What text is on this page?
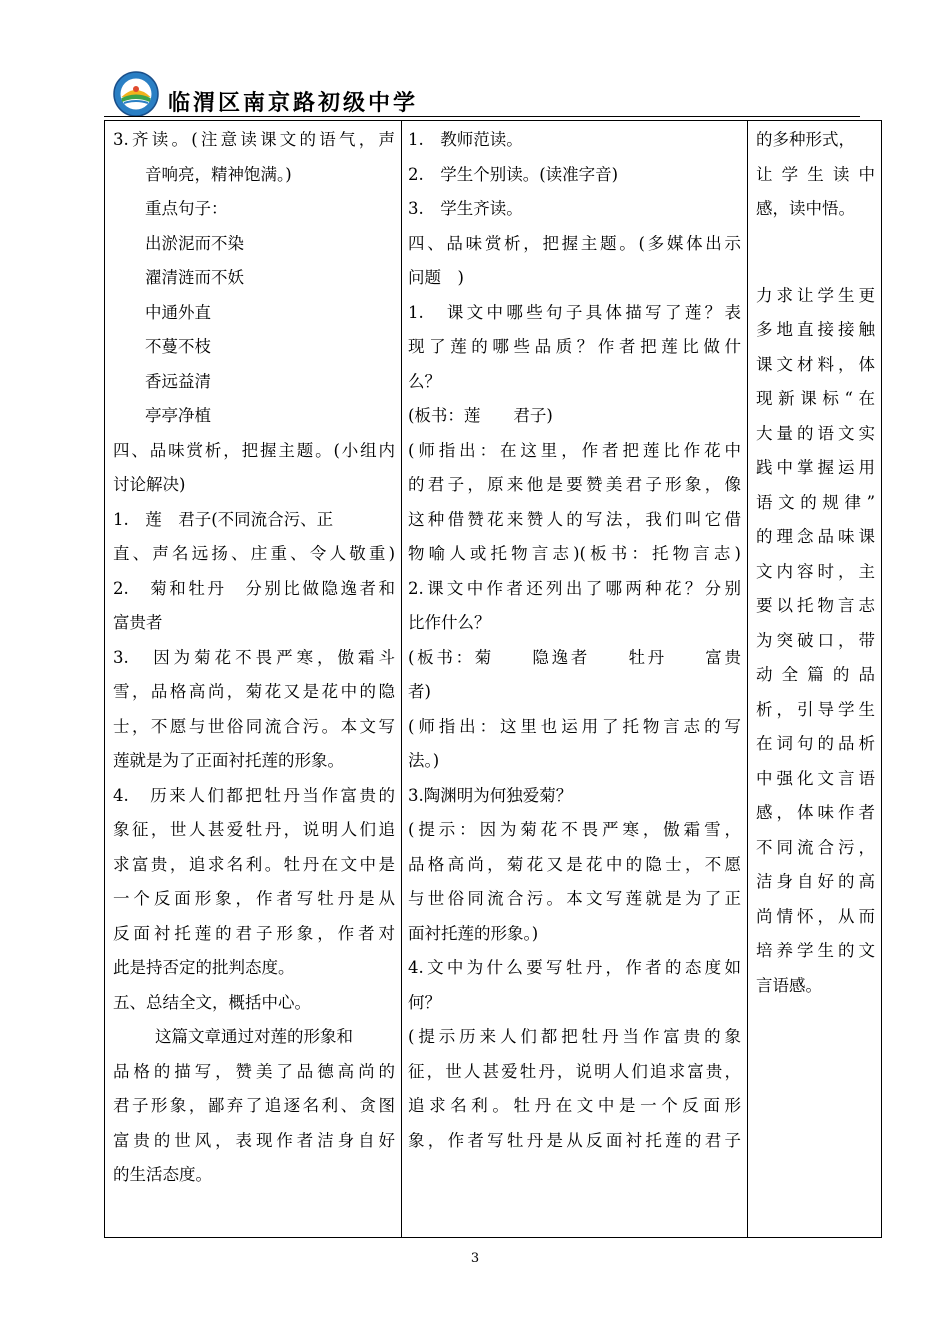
临渭区南京路初级中学
3.齐读。(注意读课文的语气，声
音响亮，精神饱满。)
重点句子：
出淤泥而不染
濯清涟而不妖
中通外直
不蔓不枝
香远益清
亭亭净植
四、品味赏析，把握主题。(小组内
讨论解决)
1.　莲　君子(不同流合污、正
直、声名远扬、庄重、令人敬重)
2.　菊和牡丹　分别比做隐逸者和
富贵者
3.　因为菊花不畏严寒，傲霜斗
雪，品格高尚，菊花又是花中的隐
士，不愿与世俗同流合污。本文写
莲就是为了正面衬托莲的形象。
4.　历来人们都把牡丹当作富贵的
象征，世人甚爱牡丹，说明人们追
求富贵，追求名利。牡丹在文中是
一个反面形象，作者写牡丹是从
反面衬托莲的君子形象，作者对
此是持否定的批判态度。
五、总结全文，概括中心。
这篇文章通过对莲的形象和
品格的描写，赞美了品德高尚的
君子形象，鄙弃了追逐名利、贪图
富贵的世风，表现作者洁身自好
的生活态度。

1.　教师范读。
2.　学生个别读。(读准字音)
3.　学生齐读。
四、品味赏析，把握主题。(多媒体出示
问题　)
1.　课文中哪些句子具体描写了莲？表
现了莲的哪些品质？作者把莲比做什
么？
(板书：莲　　君子)
(师指出：在这里，作者把莲比作花中
的君子，原来他是要赞美君子形象，像
这种借赞花来赞人的写法，我们叫它借
物喻人或托物言志)(板书：托物言志)
2.课文中作者还列出了哪两种花？分别
比作什么？
(板书：菊　　隐逸者　　牡丹　　富贵
者)
(师指出：这里也运用了托物言志的写
法。)
3.陶渊明为何独爱菊？
(提示：因为菊花不畏严寒，傲霜雪，
品格高尚，菊花又是花中的隐士，不愿
与世俗同流合污。本文写莲就是为了正
面衬托莲的形象。)
4.文中为什么要写牡丹，作者的态度如
何？
(提示历来人们都把牡丹当作富贵的象
征，世人甚爱牡丹，说明人们追求富贵，
追求名利。牡丹在文中是一个反面形
象，作者写牡丹是从反面衬托莲的君子

的多种形式，
让学生读中
感，读中悟。
力求让学生更
多地直接接触
课文材料，体
现新课标“在
大量的语文实
践中掌握运用
语文的规律”
的理念品味课
文内容时，主
要以托物言志
为突破口，带
动全篇的品
析，引导学生
在词句的品析
中强化文言语
感，体味作者
不同流合污，
洁身自好的高
尚情怀，从而
培养学生的文
言语感。
3
